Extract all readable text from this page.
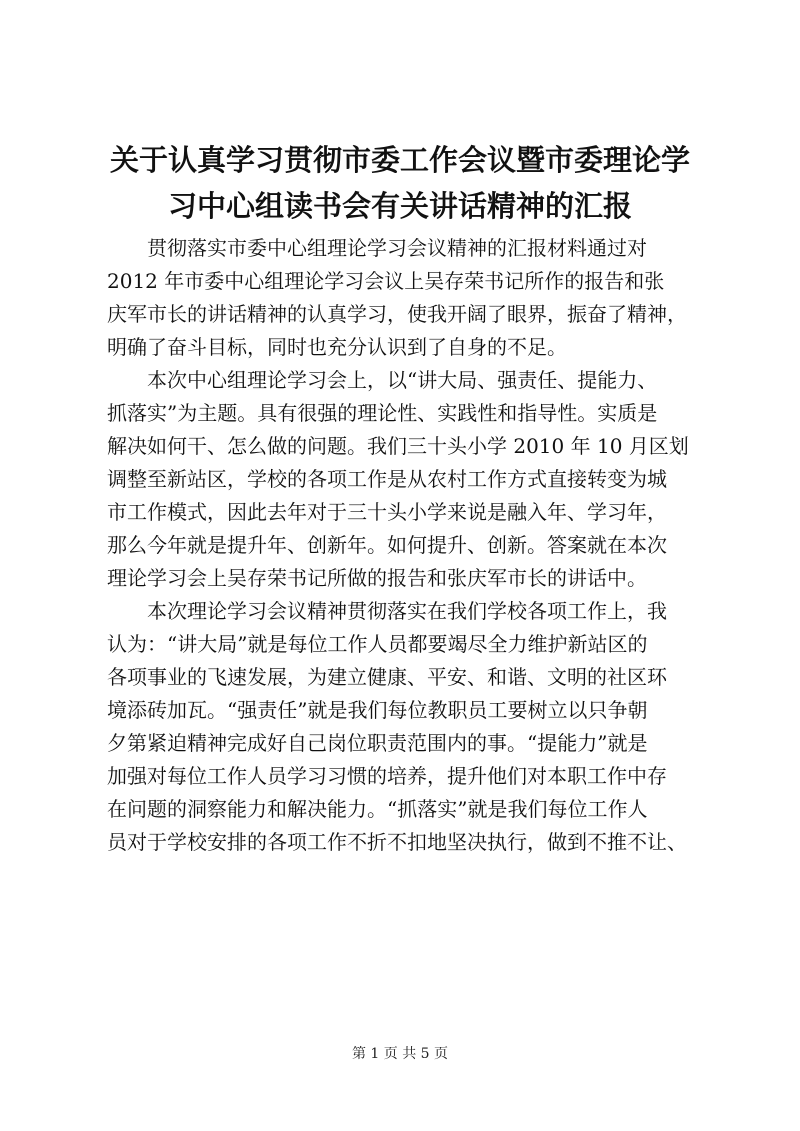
关于认真学习贯彻市委工作会议暨市委理论学
习中心组读书会有关讲话精神的汇报
　　贯彻落实市委中心组理论学习会议精神的汇报材料通过对
2012 年市委中心组理论学习会议上吴存荣书记所作的报告和张
庆军市长的讲话精神的认真学习，使我开阔了眼界，振奋了精神，
明确了奋斗目标，同时也充分认识到了自身的不足。
　　本次中心组理论学习会上，以“讲大局、强责任、提能力、
抓落实”为主题。具有很强的理论性、实践性和指导性。实质是
解决如何干、怎么做的问题。我们三十头小学 2010 年 10 月区划
调整至新站区，学校的各项工作是从农村工作方式直接转变为城
市工作模式，因此去年对于三十头小学来说是融入年、学习年，
那么今年就是提升年、创新年。如何提升、创新。答案就在本次
理论学习会上吴存荣书记所做的报告和张庆军市长的讲话中。
　　本次理论学习会议精神贯彻落实在我们学校各项工作上，我
认为：“讲大局”就是每位工作人员都要竭尽全力维护新站区的
各项事业的飞速发展，为建立健康、平安、和谐、文明的社区环
境添砖加瓦。“强责任”就是我们每位教职员工要树立以只争朝
夕第紧迫精神完成好自己岗位职责范围内的事。“提能力”就是
加强对每位工作人员学习习惯的培养，提升他们对本职工作中存
在问题的洞察能力和解决能力。“抓落实”就是我们每位工作人
员对于学校安排的各项工作不折不扣地坚决执行，做到不推不让、
第 1 页 共 5 页
